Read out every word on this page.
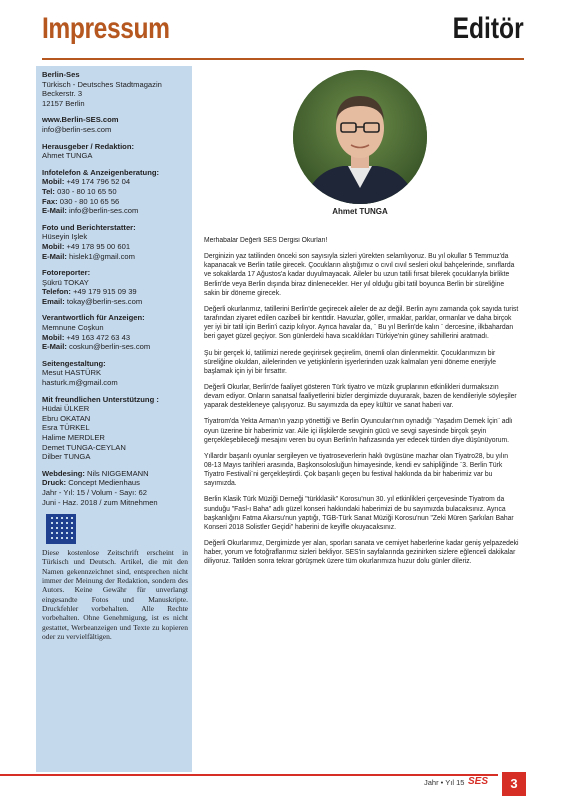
Impressum	Editör
Berlin-Ses
Türkisch - Deutsches Stadtmagazin
Beckerstr. 3
12157 Berlin
www.Berlin-SES.com
info@berlin-ses.com
Herausgeber / Redaktion:
Ahmet TUNGA
Infotelefon & Anzeigenberatung:
Mobil: +49 174 796 52 04
Tel: 030 - 80 10 65 50
Fax: 030 - 80 10 65 56
E-Mail: info@berlin-ses.com
Foto und Berichterstatter:
Hüseyin Işlek
Mobil: +49 178 95 00 601
E-Mail: hislek1@gmail.com
Fotoreporter:
Şükrü TOKAY
Telefon: +49 179 915 09 39
Email: tokay@berlin-ses.com
Verantwortlich für Anzeigen:
Memnune Coşkun
Mobil: +49 163 472 63 43
E-Mail: coskun@berlin-ses.com
Seitengestaltung:
Mesut HASTÜRK
hasturk.m@gmail.com
Mit freundlichen Unterstützung :
Hüdai ÜLKER
Ebru OKATAN
Esra TÜRKEL
Halime MERDLER
Demet TUNGA-CEYLAN
Dilber TUNGA
Webdesing: Nils NIGGEMANN
Druck: Concept Medienhaus
Jahr - Yıl: 15 / Volum - Sayı: 62
Juni - Haz. 2018 / zum Mitnehmen
Diese kostenlose Zeitschrift erscheint in Türkisch und Deutsch. Artikel, die mit den Namen gekennzeichnet sind, entsprechen nicht immer der Meinung der Redaktion, sondern des Autors. Keine Gewähr für unverlangt eingesandte Fotos und Manuskripte. Druckfehler vorbehalten. Alle Rechte vorbehalten. Ohne Genehmigung, ist es nicht gestattet, Werbeanzeigen und Texte zu kopieren oder zu vervielfältigen.
Ahmet TUNGA

Merhabalar Değerli SES Dergisi Okurları!

Derginizin yaz tatilinden önceki son sayısıyla sizleri yürekten selamlıyoruz. Bu yıl okullar 5 Temmuz'da kapanacak ve Berlin tatile girecek. Çocukların alıştığımız o cıvıl cıvıl sesleri okul bahçelerinde, sınıflarda ve sokaklarda 17 Ağustos'a kadar duyulmayacak. Aileler bu uzun tatili fırsat bilerek çocuklarıyla birlikte Berlin'de veya Berlin dışında biraz dinlenecekler. Her yıl olduğu gibi tatil boyunca Berlin bir süreliğine sakin bir döneme girecek.

Değerli okurlarımız, tatillerini Berlin'de geçirecek aileler de az değil. Berlin aynı zamanda çok sayıda turist tarafından ziyaret edilen cazibeli bir kenttdir. Havuzlar, göller, ırmaklar, parklar, ormanlar ve daha birçok yer iyi bir tatil için Berlin'i cazip kılıyor. Ayrıca havalar da, ¨ Bu yıl Berlin'de kalın ¨ dercesine, ilkbahardan beri gayet güzel geçiyor. Son günlerdeki hava sıcaklıkları Türkiye'nin güney sahillerini aratmadı.

Şu bir gerçek ki, tatilimizi nerede geçirirsek geçirelim, önemli olan dinlenmektir. Çocuklarımızın bir süreliğine okuldan, ailelerinden ve yetişkinlerin işyerlerinden uzak kalmaları yeni döneme enerjiyle başlamak için iyi bir fırsattır.

Değerli Okurlar, Berlin'de faaliyet gösteren Türk tiyatro ve müzik gruplarının etkinlikleri durmaksızın devam ediyor. Onların sanatsal faaliyetlerini bizler dergimizde duyurarak, bazen de kendileriyle söyleşiler yaparak destekleneye çalışıyoruz. Bu sayımızda da epey kültür ve sanat haberi var.

Tiyatrom'da Yekta Arman'ın yazıp yönettiği ve Berlin Oyuncuları'nın oynadığı ¨Yaşadım Demek İçin¨ adlı oyun üzerine bir haberimiz var. Aile içi ilişkilerde sevginin gücü ve sevgi sayesinde birçok şeyin gerçekleşebileceği mesajını veren bu oyun Berlin'in hafızasında yer edecek türden diye düşünüyorum.

Yıllardır başarılı oyunlar sergileyen ve tiyatroseverlerin haklı övgüsüne mazhar olan Tiyatro28, bu yılın 08-13 Mayıs tarihleri arasında, Başkonsolosluğun himayesinde, kendi ev sahipliğinde ¨3. Berlin Türk Tiyatro Festivali¨ni gerçekleştirdi. Çok başarılı geçen bu festival hakkında da bir haberimiz var bu sayımızda.

Berlin Klasik Türk Müziği Derneği "türkklasik" Korosu'nun 30. yıl etkinlikleri çerçevesinde Tiyatrom da sunduğu "Fasl-ı Baha" adlı güzel konseri hakkındaki haberimizi de bu sayımızda bulacaksınız. Ayrıca başkanlığını Fatma Akarsu'nun yaptığı, TGB-Türk Sanat Müziği Korosu'nun "Zeki Müren Şarkıları Bahar Konseri 2018 Solistler Geçidi" haberini de keyifle okuyacaksınız.

Değerli Okurlarımız, Dergimizde yer alan, sporları sanata ve cemiyet haberlerine kadar geniş yelpazedeki haber, yorum ve fotoğraflarımız sizleri bekliyor. SES'in sayfalarında gezinirken sizlere eğlenceli dakikalar diliyoruz. Tatilden sonra tekrar görüşmek üzere tüm okurlarımıza huzur dolu günler dileriz.

Jahr • Yıl 15 SES	3
